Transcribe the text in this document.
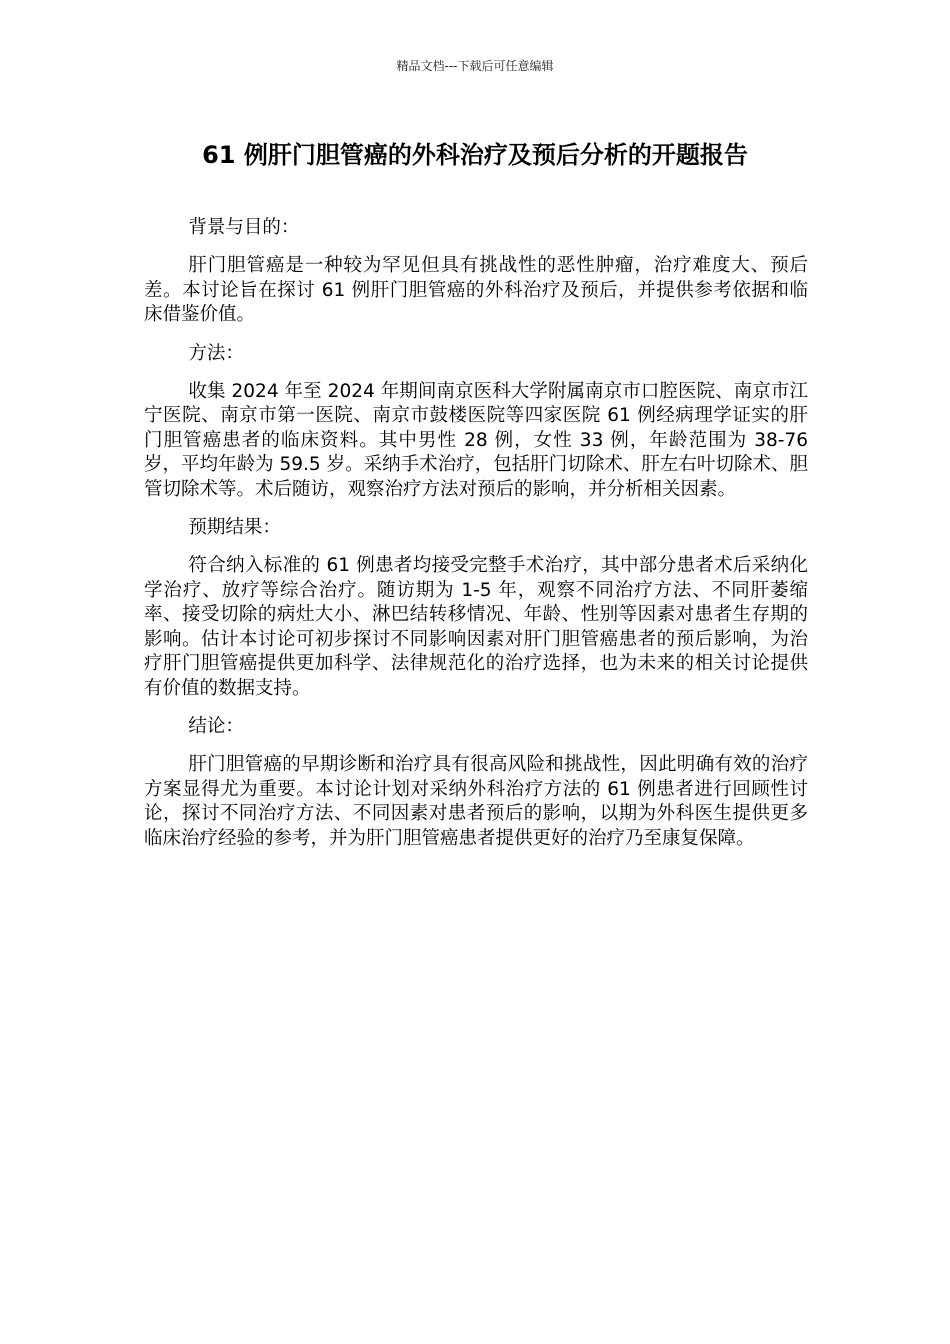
精品文档---下载后可任意编辑
61 例肝门胆管癌的外科治疗及预后分析的开题报告

背景与目的：

肝门胆管癌是一种较为罕见但具有挑战性的恶性肿瘤，治疗难度大、预后差。本讨论旨在探讨 61 例肝门胆管癌的外科治疗及预后，并提供参考依据和临床借鉴价值。

方法：

收集 2024 年至 2024 年期间南京医科大学附属南京市口腔医院、南京市江宁医院、南京市第一医院、南京市鼓楼医院等四家医院 61 例经病理学证实的肝门胆管癌患者的临床资料。其中男性 28 例，女性 33 例，年龄范围为 38-76 岁，平均年龄为 59.5 岁。采纳手术治疗，包括肝门切除术、肝左右叶切除术、胆管切除术等。术后随访，观察治疗方法对预后的影响，并分析相关因素。

预期结果：

符合纳入标准的 61 例患者均接受完整手术治疗，其中部分患者术后采纳化学治疗、放疗等综合治疗。随访期为 1-5 年，观察不同治疗方法、不同肝萎缩率、接受切除的病灶大小、淋巴结转移情况、年龄、性别等因素对患者生存期的影响。估计本讨论可初步探讨不同影响因素对肝门胆管癌患者的预后影响，为治疗肝门胆管癌提供更加科学、法律规范化的治疗选择，也为未来的相关讨论提供有价值的数据支持。

结论：

肝门胆管癌的早期诊断和治疗具有很高风险和挑战性，因此明确有效的治疗方案显得尤为重要。本讨论计划对采纳外科治疗方法的 61 例患者进行回顾性讨论，探讨不同治疗方法、不同因素对患者预后的影响，以期为外科医生提供更多临床治疗经验的参考，并为肝门胆管癌患者提供更好的治疗乃至康复保障。
